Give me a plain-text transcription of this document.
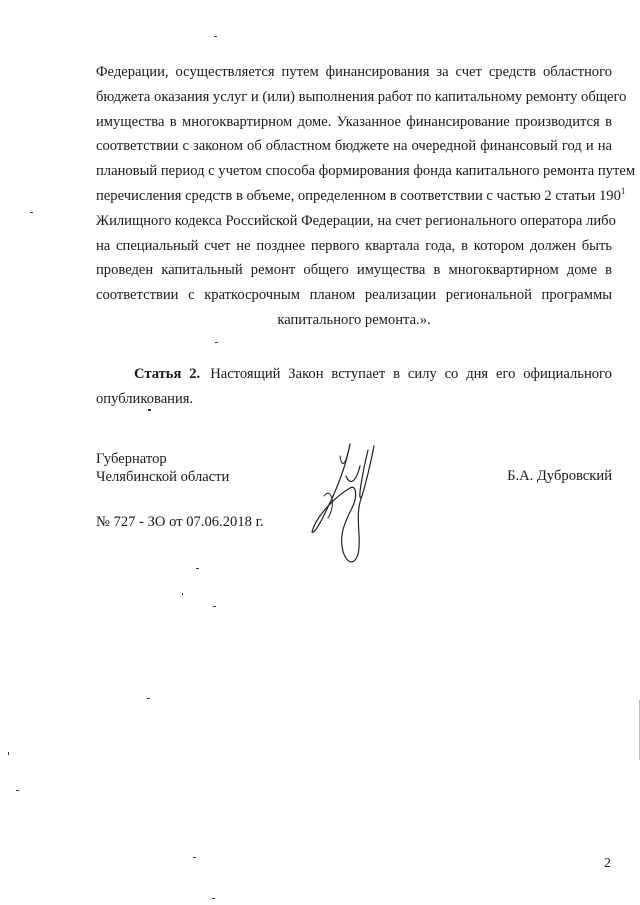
Федерации, осуществляется путем финансирования за счет средств областного
бюджета оказания услуг и (или) выполнения работ по капитальному ремонту общего
имущества в многоквартирном доме. Указанное финансирование производится в
соответствии с законом об областном бюджете на очередной финансовый год и на
плановый период с учетом способа формирования фонда капитального ремонта путем
перечисления средств в объеме, определенном в соответствии с частью 2 статьи $190^1$
Жилищного кодекса Российской Федерации, на счет регионального оператора либо
на специальный счет не позднее первого квартала года, в котором должен быть
проведен капитальный ремонт общего имущества в многоквартирном доме в
соответствии с краткосрочным планом реализации региональной программы
капитального ремонта.».
Статья 2. Настоящий Закон вступает в силу со дня его официального
опубликования.
Губернатор
Челябинской области	Б.А. Дубровский
№ 727 - ЗО от 07.06.2018 г.
2
